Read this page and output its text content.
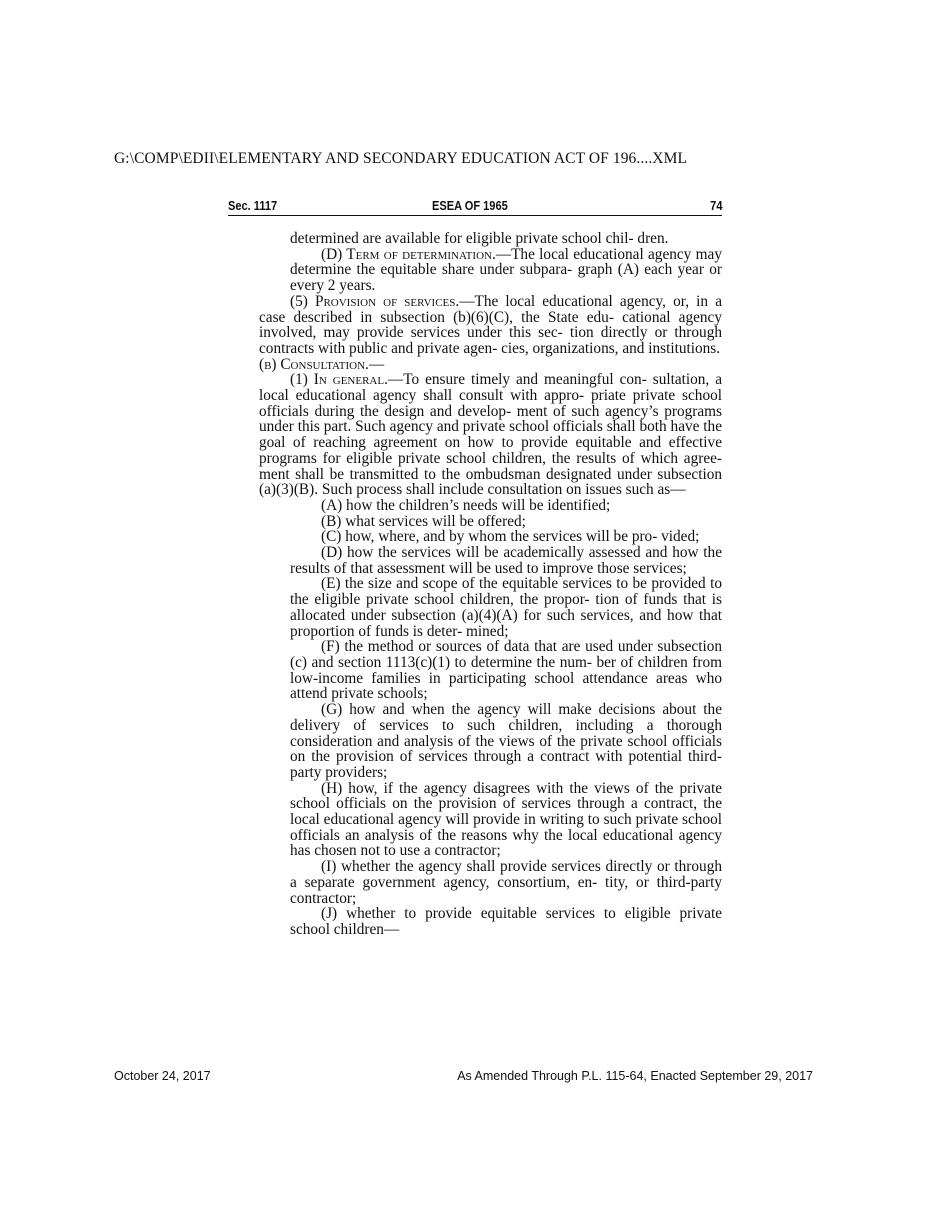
G:\COMP\EDII\ELEMENTARY AND SECONDARY EDUCATION ACT OF 196....XML
Sec. 1117	ESEA OF 1965	74

determined are available for eligible private school chil- dren.

(D) Term of determination.—The local educational agency may determine the equitable share under subpara- graph (A) each year or every 2 years.

(5) Provision of services.—The local educational agency, or, in a case described in subsection (b)(6)(C), the State edu- cational agency involved, may provide services under this sec- tion directly or through contracts with public and private agen- cies, organizations, and institutions.

(b) Consultation.—

(1) In general.—To ensure timely and meaningful con- sultation, a local educational agency shall consult with appro- priate private school officials during the design and develop- ment of such agency’s programs under this part. Such agency and private school officials shall both have the goal of reaching agreement on how to provide equitable and effective programs for eligible private school children, the results of which agree- ment shall be transmitted to the ombudsman designated under subsection (a)(3)(B). Such process shall include consultation on issues such as—

(A) how the children’s needs will be identified;

(B) what services will be offered;

(C) how, where, and by whom the services will be pro- vided;

(D) how the services will be academically assessed and how the results of that assessment will be used to improve those services;

(E) the size and scope of the equitable services to be provided to the eligible private school children, the propor- tion of funds that is allocated under subsection (a)(4)(A) for such services, and how that proportion of funds is deter- mined;

(F) the method or sources of data that are used under subsection (c) and section 1113(c)(1) to determine the num- ber of children from low-income families in participating school attendance areas who attend private schools;

(G) how and when the agency will make decisions about the delivery of services to such children, including a thorough consideration and analysis of the views of the private school officials on the provision of services through a contract with potential third-party providers;

(H) how, if the agency disagrees with the views of the private school officials on the provision of services through a contract, the local educational agency will provide in writing to such private school officials an analysis of the reasons why the local educational agency has chosen not to use a contractor;

(I) whether the agency shall provide services directly or through a separate government agency, consortium, en- tity, or third-party contractor;

(J) whether to provide equitable services to eligible private school children—

October 24, 2017	As Amended Through P.L. 115-64, Enacted September 29, 2017
